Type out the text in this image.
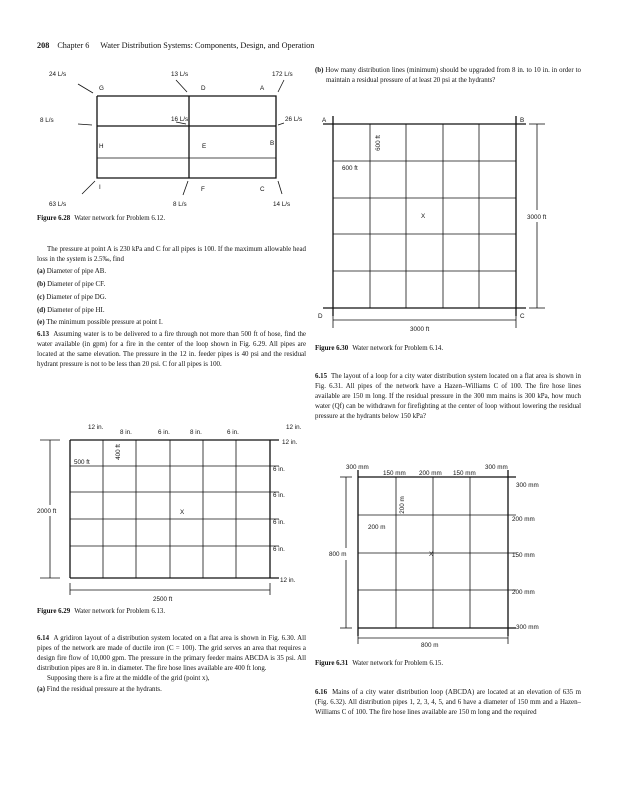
208 Chapter 6 Water Distribution Systems: Components, Design, and Operation
24 L/s	13 L/s	172 L/s
8 L/s	16 L/s	26 L/s
63 L/s	8 L/s	14 L/s
G	D	A
H	E	B
I	F	C
Figure 6.28 Water network for Problem 6.12.

The pressure at point A is 230 kPa and C for all pipes is 100. If the maximum allowable head loss in the system is 2.5‰, find

(a) Diameter of pipe AB.

(b) Diameter of pipe CF.

(c) Diameter of pipe DG.

(d) Diameter of pipe HI.

(e) The minimum possible pressure at point I.

6.13 Assuming water is to be delivered to a fire through not more than 500 ft of hose, find the water available (in gpm) for a fire in the center of the loop shown in Fig. 6.29. All pipes are located at the same elevation. The pressure in the 12 in. feeder pipes is 40 psi and the residual hydrant pressure is not to be less than 20 psi. C for all pipes is 100.

12 in.	12 in.
8 in.	6 in.	8 in.	6 in.
12 in.
6 in.
6 in.
6 in.
6 in.
12 in.
500 ft
400 ft
2000 ft	X
2500 ft
Figure 6.29 Water network for Problem 6.13.

6.14 A gridiron layout of a distribution system located on a flat area is shown in Fig. 6.30. All pipes of the network are made of ductile iron (C = 100). The grid serves an area that requires a design fire flow of 10,000 gpm. The pressure in the primary feeder mains ABCDA is 35 psi. All distribution pipes are 8 in. in diameter. The fire hose lines available are 400 ft long.

Supposing there is a fire at the middle of the grid (point x),

(a) Find the residual pressure at the hydrants.

(b) How many distribution lines (minimum) should be upgraded from 8 in. to 10 in. in order to maintain a residual pressure of at least 20 psi at the hydrants?

A	B
C
D
600 ft
600 ft
3000 ft
X
3000 ft
Figure 6.30 Water network for Problem 6.14.

6.15 The layout of a loop for a city water distribution system located on a flat area is shown in Fig. 6.31. All pipes of the network have a Hazen–Williams C of 100. The fire hose lines available are 150 m long. If the residual pressure in the 300 mm mains is 300 kPa, how much water (Qf) can be withdrawn for firefighting at the center of loop without lowering the residual pressure at the hydrants below 150 kPa?

300 mm	300 mm
150 mm 200 mm 150 mm
300 mm
200 mm
150 mm
200 mm
300 mm
200 m
200 m
800 m	X
800 m
Figure 6.31 Water network for Problem 6.15.

6.16 Mains of a city water distribution loop (ABCDA) are located at an elevation of 635 m (Fig. 6.32). All distribution pipes 1, 2, 3, 4, 5, and 6 have a diameter of 150 mm and a Hazen–Williams C of 100. The fire hose lines available are 150 m long and the required
